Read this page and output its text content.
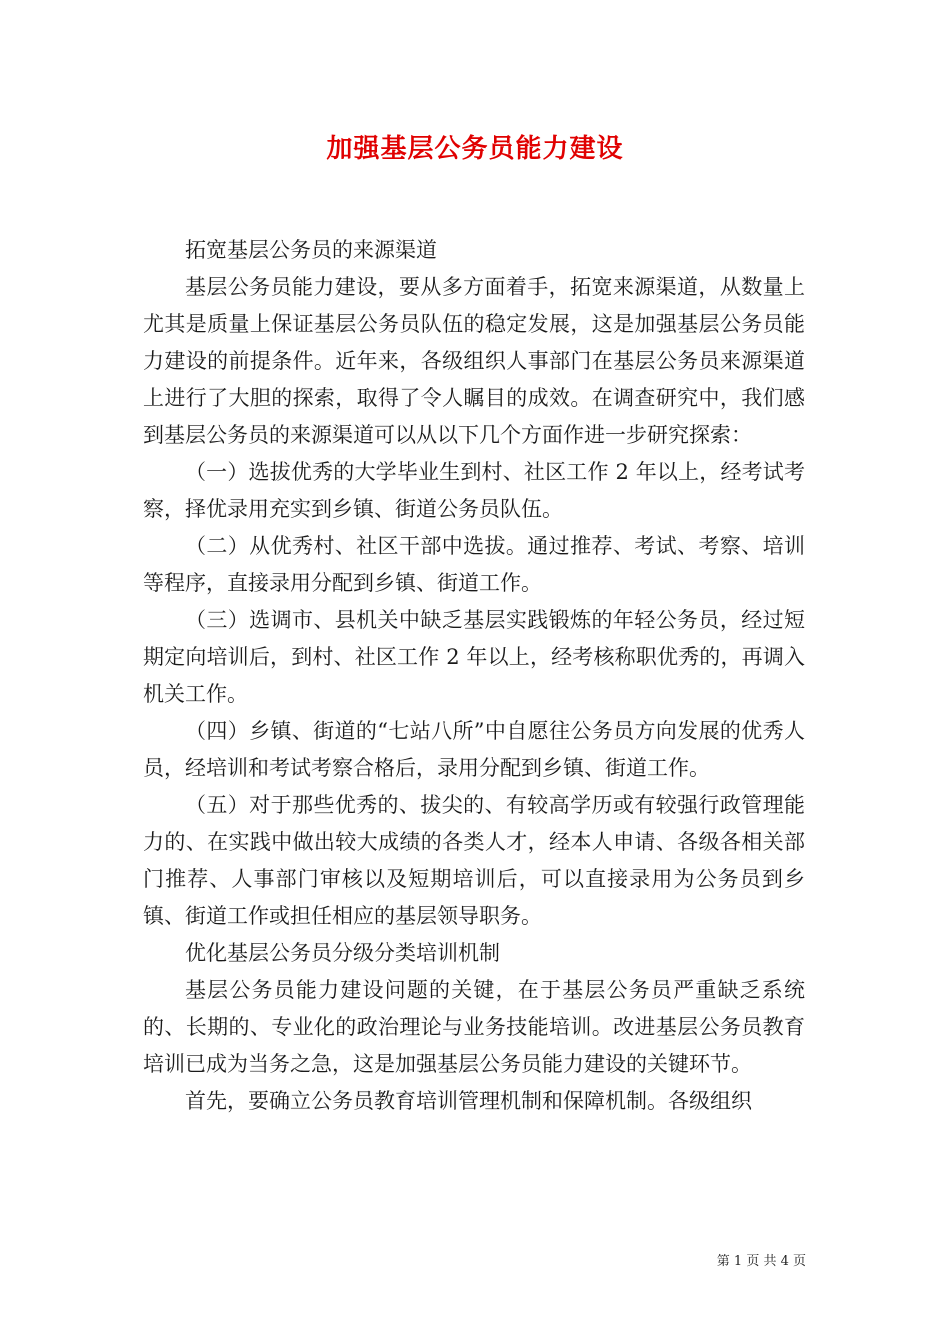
加强基层公务员能力建设

拓宽基层公务员的来源渠道

基层公务员能力建设，要从多方面着手，拓宽来源渠道，从数量上尤其是质量上保证基层公务员队伍的稳定发展，这是加强基层公务员能力建设的前提条件。近年来，各级组织人事部门在基层公务员来源渠道上进行了大胆的探索，取得了令人瞩目的成效。在调查研究中，我们感到基层公务员的来源渠道可以从以下几个方面作进一步研究探索：

（一）选拔优秀的大学毕业生到村、社区工作 2 年以上，经考试考察，择优录用充实到乡镇、街道公务员队伍。

（二）从优秀村、社区干部中选拔。通过推荐、考试、考察、培训等程序，直接录用分配到乡镇、街道工作。

（三）选调市、县机关中缺乏基层实践锻炼的年轻公务员，经过短期定向培训后，到村、社区工作 2 年以上，经考核称职优秀的，再调入机关工作。

（四）乡镇、街道的“七站八所”中自愿往公务员方向发展的优秀人员，经培训和考试考察合格后，录用分配到乡镇、街道工作。

（五）对于那些优秀的、拔尖的、有较高学历或有较强行政管理能力的、在实践中做出较大成绩的各类人才，经本人申请、各级各相关部门推荐、人事部门审核以及短期培训后，可以直接录用为公务员到乡镇、街道工作或担任相应的基层领导职务。

优化基层公务员分级分类培训机制

基层公务员能力建设问题的关键，在于基层公务员严重缺乏系统的、长期的、专业化的政治理论与业务技能培训。改进基层公务员教育培训已成为当务之急，这是加强基层公务员能力建设的关键环节。

首先，要确立公务员教育培训管理机制和保障机制。各级组织

第 1 页 共 4 页
